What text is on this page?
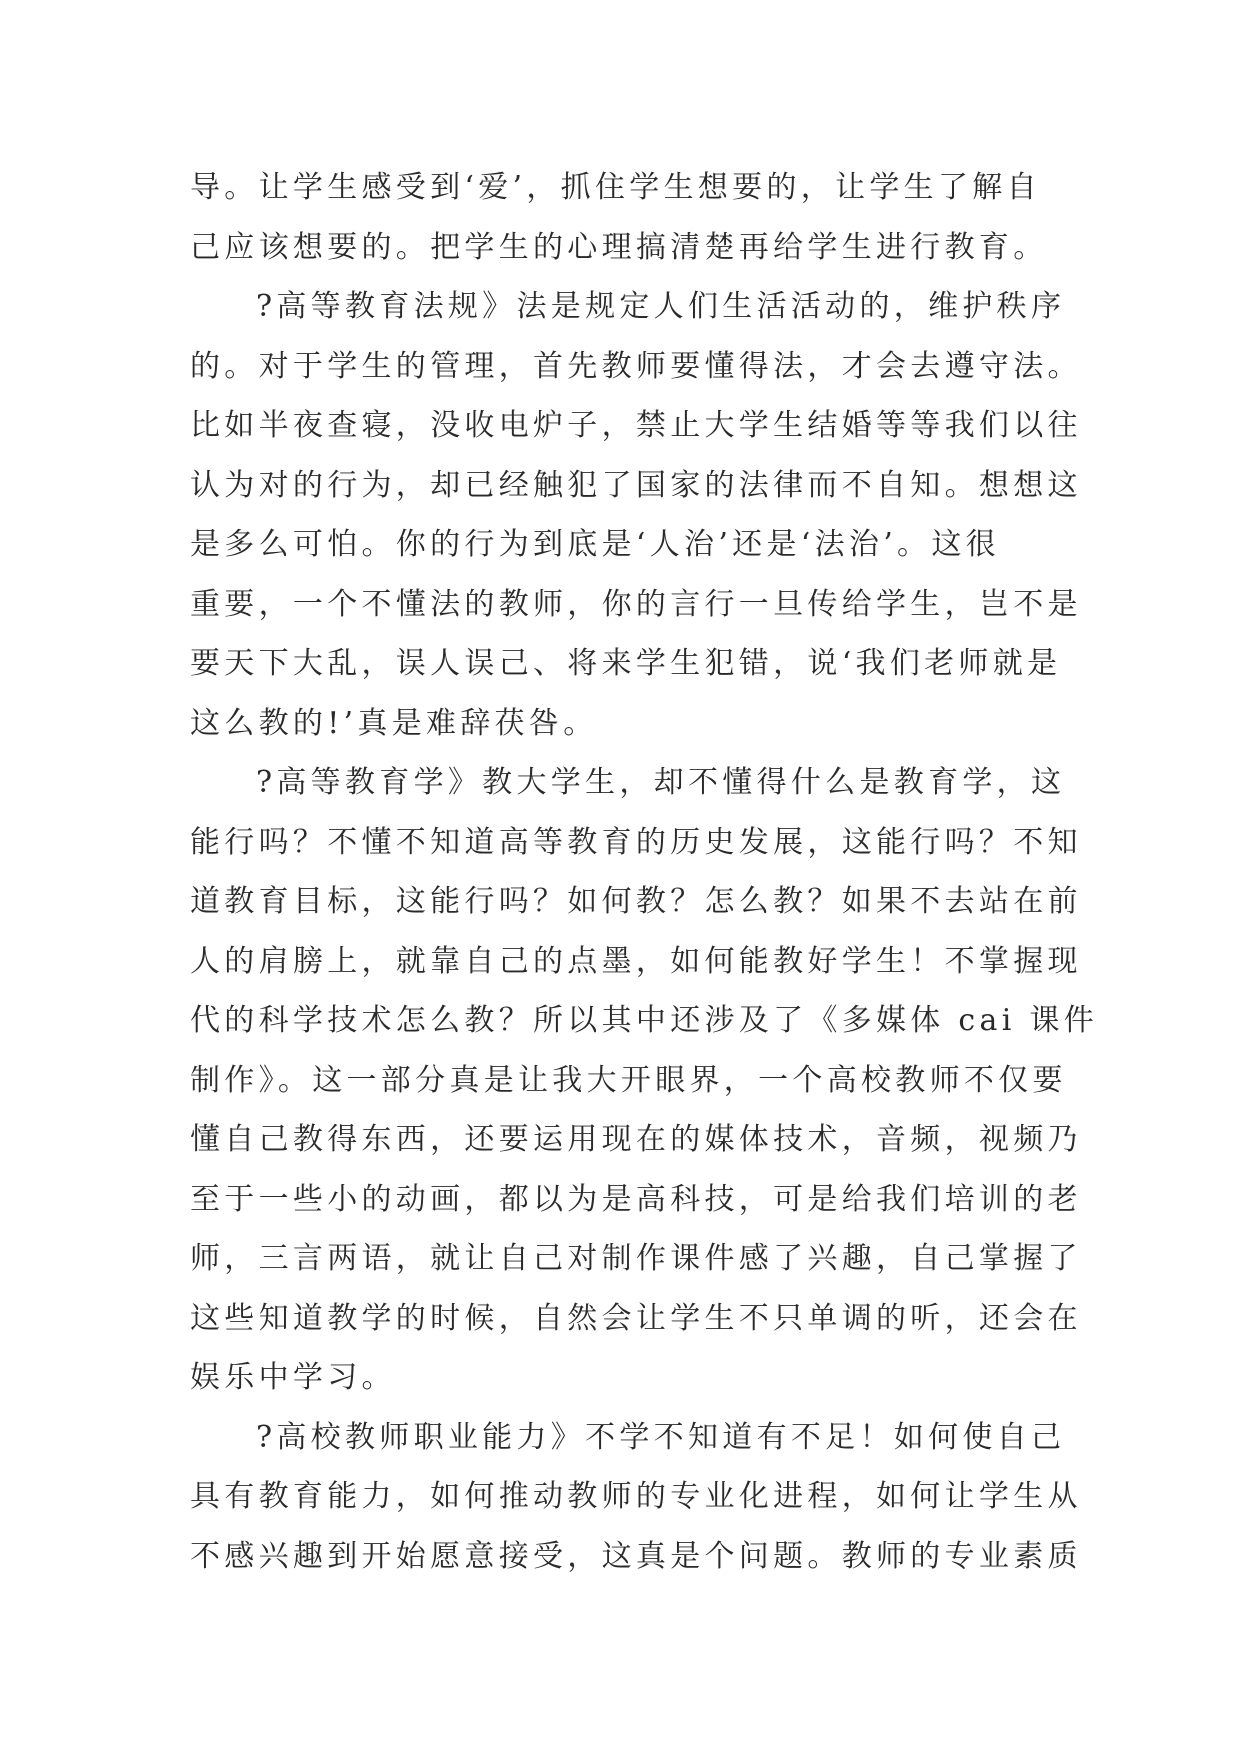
导。让学生感受到‘爱’，抓住学生想要的，让学生了解自
己应该想要的。把学生的心理搞清楚再给学生进行教育。
?高等教育法规》法是规定人们生活活动的，维护秩序
的。对于学生的管理，首先教师要懂得法，才会去遵守法。
比如半夜查寝，没收电炉子，禁止大学生结婚等等我们以往
认为对的行为，却已经触犯了国家的法律而不自知。想想这
是多么可怕。你的行为到底是‘人治’还是‘法治’。这很
重要，一个不懂法的教师，你的言行一旦传给学生，岂不是
要天下大乱，误人误己、将来学生犯错，说‘我们老师就是
这么教的!’真是难辞茯咎。
?高等教育学》教大学生，却不懂得什么是教育学，这
能行吗？不懂不知道高等教育的历史发展，这能行吗？不知
道教育目标，这能行吗？如何教？怎么教？如果不去站在前
人的肩膀上，就靠自己的点墨，如何能教好学生！不掌握现
代的科学技术怎么教？所以其中还涉及了《多媒体 cai 课件
制作》。这一部分真是让我大开眼界，一个高校教师不仅要
懂自己教得东西，还要运用现在的媒体技术，音频，视频乃
至于一些小的动画，都以为是高科技，可是给我们培训的老
师，三言两语，就让自己对制作课件感了兴趣，自己掌握了
这些知道教学的时候，自然会让学生不只单调的听，还会在
娱乐中学习。
?高校教师职业能力》不学不知道有不足！如何使自己
具有教育能力，如何推动教师的专业化进程，如何让学生从
不感兴趣到开始愿意接受，这真是个问题。教师的专业素质
